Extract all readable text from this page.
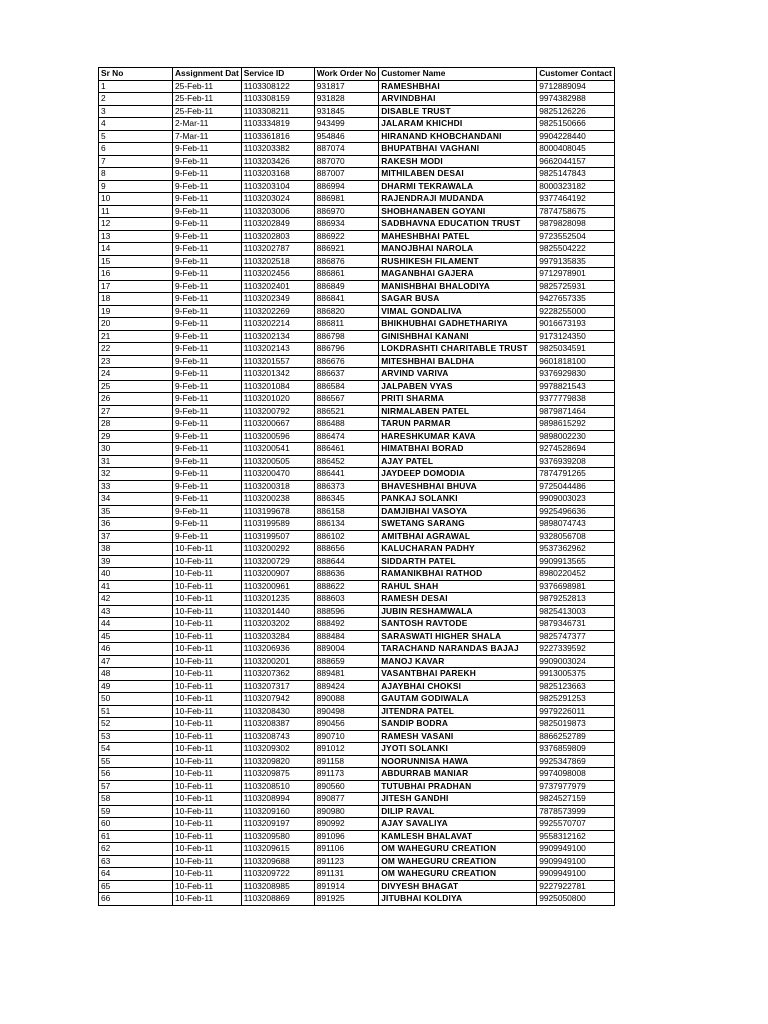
Sr No	Assignment Dat	Service ID	Work Order No	Customer Name	Customer Contact
1	25-Feb-11	1103308122	931817	RAMESHBHAI	9712889094
2	25-Feb-11	1103308159	931828	ARVINDBHAI	9974382988
3	25-Feb-11	1103308211	931845	DISABLE TRUST	9825126226
4	2-Mar-11	1103334819	943499	JALARAM KHICHDI	9825150666
5	7-Mar-11	1103361816	954846	HIRANAND KHOBCHANDANI	9904228440
6	9-Feb-11	1103203382	887074	BHUPATBHAI VAGHANI	8000408045
7	9-Feb-11	1103203426	887070	RAKESH MODI	9662044157
8	9-Feb-11	1103203168	887007	MITHILABEN DESAI	9825147843
9	9-Feb-11	1103203104	886994	DHARMI TEKRAWALA	8000323182
10	9-Feb-11	1103203024	886981	RAJENDRAJI MUDANDA	9377464192
11	9-Feb-11	1103203006	886970	SHOBHANABEN GOYANI	7874758675
12	9-Feb-11	1103202849	886934	SADBHAVNA EDUCATION TRUST	9879828098
13	9-Feb-11	1103202803	886922	MAHESHBHAI PATEL	9723552504
14	9-Feb-11	1103202787	886921	MANOJBHAI NAROLA	9825504222
15	9-Feb-11	1103202518	886876	RUSHIKESH FILAMENT	9979135835
16	9-Feb-11	1103202456	886861	MAGANBHAI GAJERA	9712978901
17	9-Feb-11	1103202401	886849	MANISHBHAI BHALODIYA	9825725931
18	9-Feb-11	1103202349	886841	SAGAR BUSA	9427657335
19	9-Feb-11	1103202269	886820	VIMAL GONDALIVA	9228255000
20	9-Feb-11	1103202214	886811	BHIKHUBHAI GADHETHARIYA	9016673193
21	9-Feb-11	1103202134	886798	GINISHBHAI KANANI	9173124350
22	9-Feb-11	1103202143	886796	LOKDRASHTI CHARITABLE TRUST	9825034591
23	9-Feb-11	1103201557	886676	MITESHBHAI BALDHA	9601818100
24	9-Feb-11	1103201342	886637	ARVIND VARIVA	9376929830
25	9-Feb-11	1103201084	886584	JALPABEN VYAS	9978821543
26	9-Feb-11	1103201020	886567	PRITI SHARMA	9377779838
27	9-Feb-11	1103200792	886521	NIRMALABEN PATEL	9879871464
28	9-Feb-11	1103200667	886488	TARUN PARMAR	9898615292
29	9-Feb-11	1103200596	886474	HARESHKUMAR KAVA	9898002230
30	9-Feb-11	1103200541	886461	HIMATBHAI BORAD	9274528694
31	9-Feb-11	1103200505	886452	AJAY PATEL	9376939208
32	9-Feb-11	1103200470	886441	JAYDEEP DOMODIA	7874791265
33	9-Feb-11	1103200318	886373	BHAVESHBHAI BHUVA	9725044486
34	9-Feb-11	1103200238	886345	PANKAJ SOLANKI	9909003023
35	9-Feb-11	1103199678	886158	DAMJIBHAI VASOYA	9925496636
36	9-Feb-11	1103199589	886134	SWETANG SARANG	9898074743
37	9-Feb-11	1103199507	886102	AMITBHAI AGRAWAL	9328056708
38	10-Feb-11	1103200292	888656	KALUCHARAN PADHY	9537362962
39	10-Feb-11	1103200729	888644	SIDDARTH PATEL	9909913565
40	10-Feb-11	1103200907	888636	RAMANIKBHAI RATHOD	8980220452
41	10-Feb-11	1103200961	888622	RAHUL SHAH	9376698981
42	10-Feb-11	1103201235	888603	RAMESH DESAI	9879252813
43	10-Feb-11	1103201440	888596	JUBIN RESHAMWALA	9825413003
44	10-Feb-11	1103203202	888492	SANTOSH RAVTODE	9879346731
45	10-Feb-11	1103203284	888484	SARASWATI HIGHER SHALA	9825747377
46	10-Feb-11	1103206936	889004	TARACHAND NARANDAS BAJAJ	9227339592
47	10-Feb-11	1103200201	888659	MANOJ KAVAR	9909003024
48	10-Feb-11	1103207362	889481	VASANTBHAI PAREKH	9913005375
49	10-Feb-11	1103207317	889424	AJAYBHAI CHOKSI	9825123663
50	10-Feb-11	1103207942	890088	GAUTAM GODIWALA	9825291253
51	10-Feb-11	1103208430	890498	JITENDRA PATEL	9979226011
52	10-Feb-11	1103208387	890456	SANDIP BODRA	9825019873
53	10-Feb-11	1103208743	890710	RAMESH VASANI	8866252789
54	10-Feb-11	1103209302	891012	JYOTI SOLANKI	9376859809
55	10-Feb-11	1103209820	891158	NOORUNNISA HAWA	9925347869
56	10-Feb-11	1103209875	891173	ABDURRAB MANIAR	9974098008
57	10-Feb-11	1103208510	890560	TUTUBHAI PRADHAN	9737977979
58	10-Feb-11	1103208994	890877	JITESH GANDHI	9824527159
59	10-Feb-11	1103209160	890980	DILIP RAVAL	7878573999
60	10-Feb-11	1103209197	890992	AJAY SAVALIYA	9925570707
61	10-Feb-11	1103209580	891096	KAMLESH BHALAVAT	9558312162
62	10-Feb-11	1103209615	891106	OM WAHEGURU CREATION	9909949100
63	10-Feb-11	1103209688	891123	OM WAHEGURU CREATION	9909949100
64	10-Feb-11	1103209722	891131	OM WAHEGURU CREATION	9909949100
65	10-Feb-11	1103208985	891914	DIVYESH BHAGAT	9227922781
66	10-Feb-11	1103208869	891925	JITUBHAI KOLDIYA	9925050800
